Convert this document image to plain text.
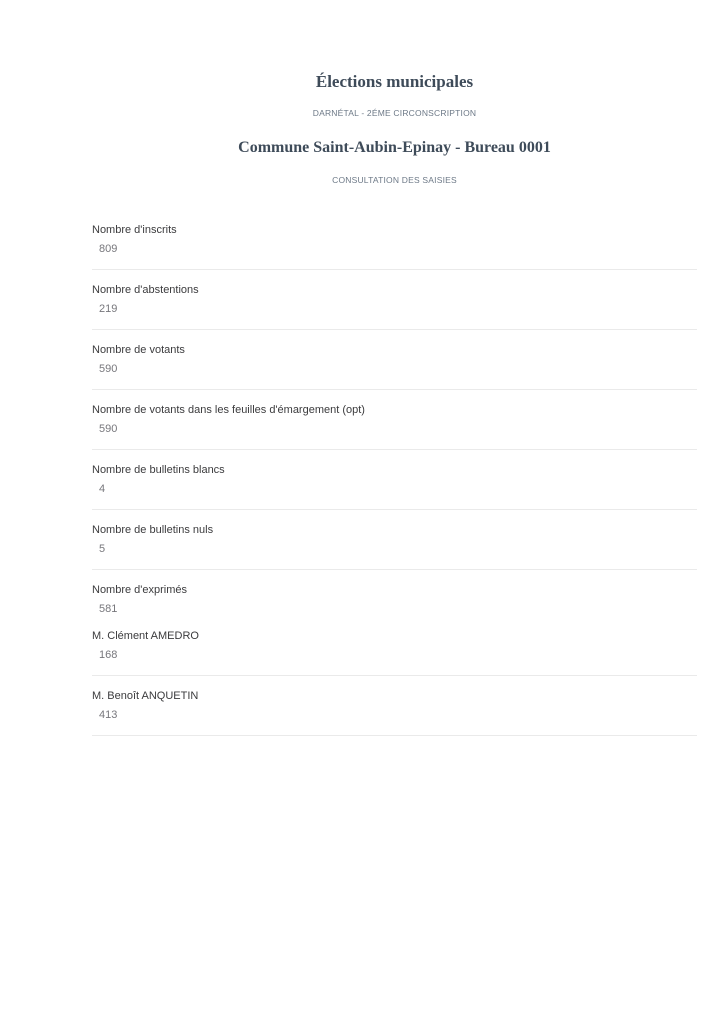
Élections municipales
DARNÉTAL - 2ÉME CIRCONSCRIPTION
Commune Saint-Aubin-Epinay - Bureau 0001
CONSULTATION DES SAISIES
Nombre d'inscrits
809
Nombre d'abstentions
219
Nombre de votants
590
Nombre de votants dans les feuilles d'émargement (opt)
590
Nombre de bulletins blancs
4
Nombre de bulletins nuls
5
Nombre d'exprimés
581
M. Clément AMEDRO
168
M. Benoît ANQUETIN
413
